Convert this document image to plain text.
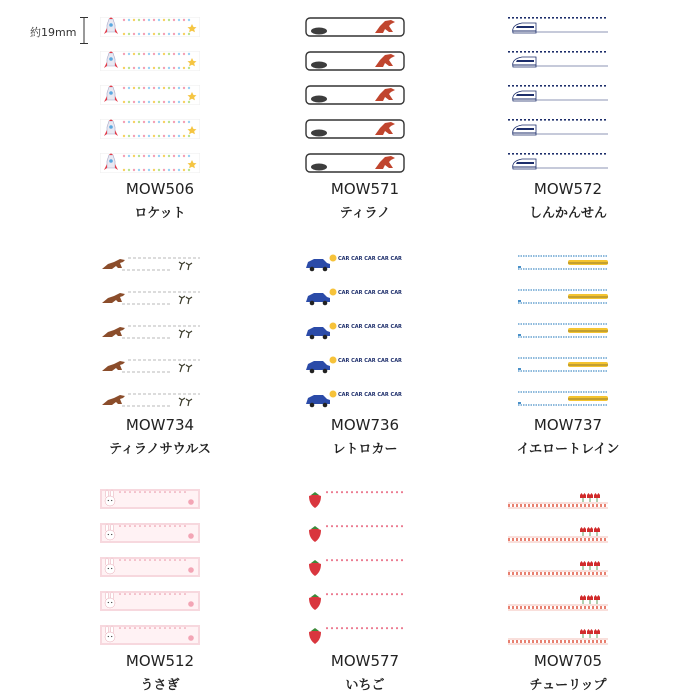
約19mm
MOW506
ロケット
MOW571
ティラノ
MOW572
しんかんせん
MOW734
ティラノサウルス
CAR CAR CAR CAR CAR
CAR CAR CAR CAR CAR
CAR CAR CAR CAR CAR
CAR CAR CAR CAR CAR
CAR CAR CAR CAR CAR
MOW736
レトロカー
MOW737
イエロートレイン
MOW512
うさぎ
MOW577
いちご
MOW705
チューリップ
